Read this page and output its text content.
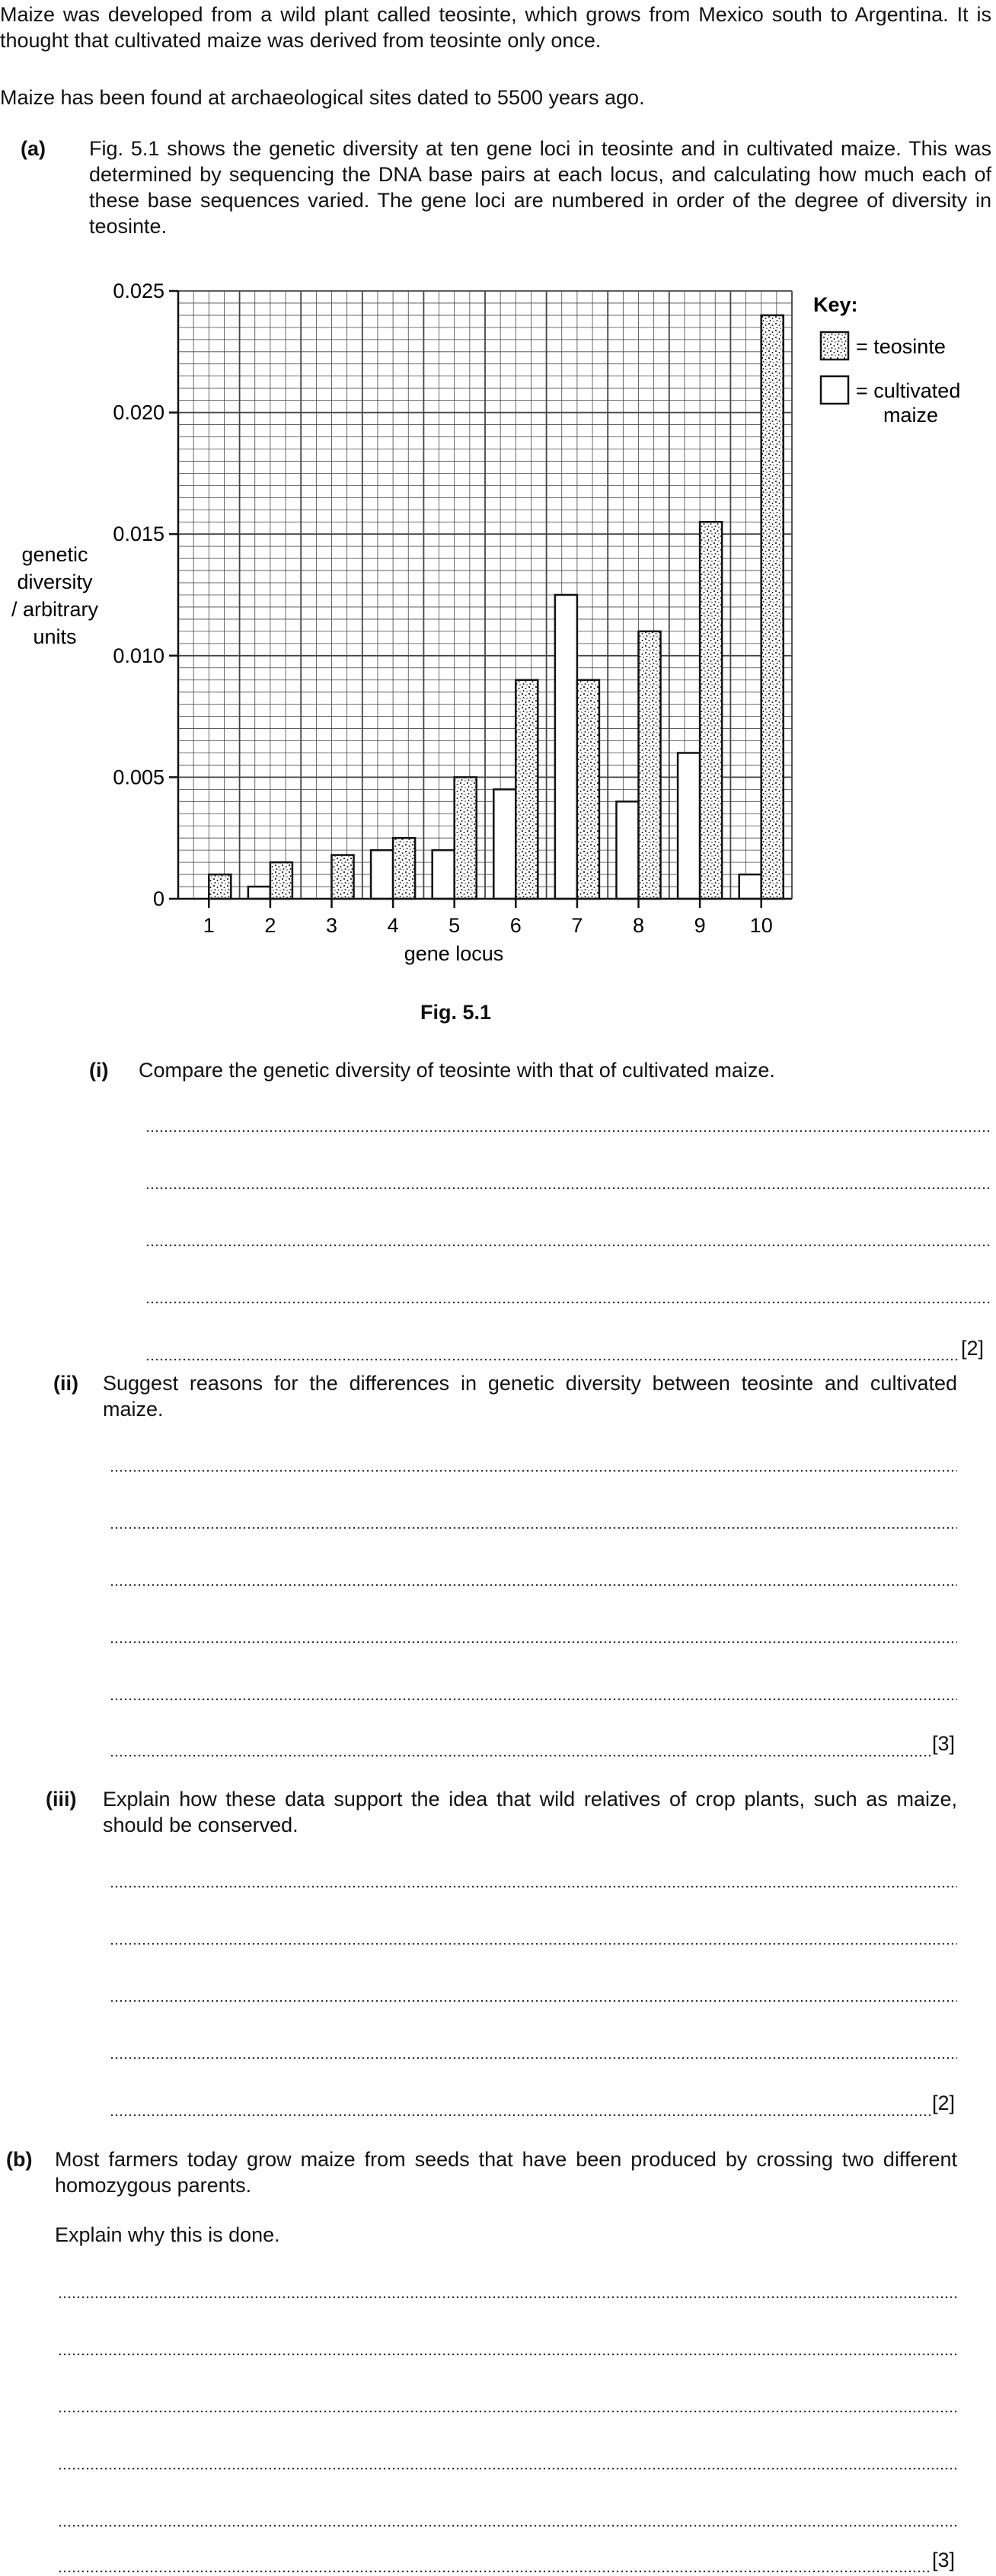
Maize was developed from a wild plant called teosinte, which grows from Mexico south to Argentina. It is thought that cultivated maize was derived from teosinte only once.
Maize has been found at archaeological sites dated to 5500 years ago.
(a) Fig. 5.1 shows the genetic diversity at ten gene loci in teosinte and in cultivated maize. This was determined by sequencing the DNA base pairs at each locus, and calculating how much each of these base sequences varied. The gene loci are numbered in order of the degree of diversity in teosinte.
0
0.005
0.010
0.015
0.020
0.025
1 2 3 4 5 6 7 8 9 10
genetic
diversity
/ arbitrary
units
gene locus
Key:
= teosinte
= cultivated
maize
Fig. 5.1
(i) Compare the genetic diversity of teosinte with that of cultivated maize.
[2]
(ii) Suggest reasons for the differences in genetic diversity between teosinte and cultivated maize.
[3]
(iii) Explain how these data support the idea that wild relatives of crop plants, such as maize, should be conserved.
[2]
(b) Most farmers today grow maize from seeds that have been produced by crossing two different homozygous parents.
Explain why this is done.
[3]
